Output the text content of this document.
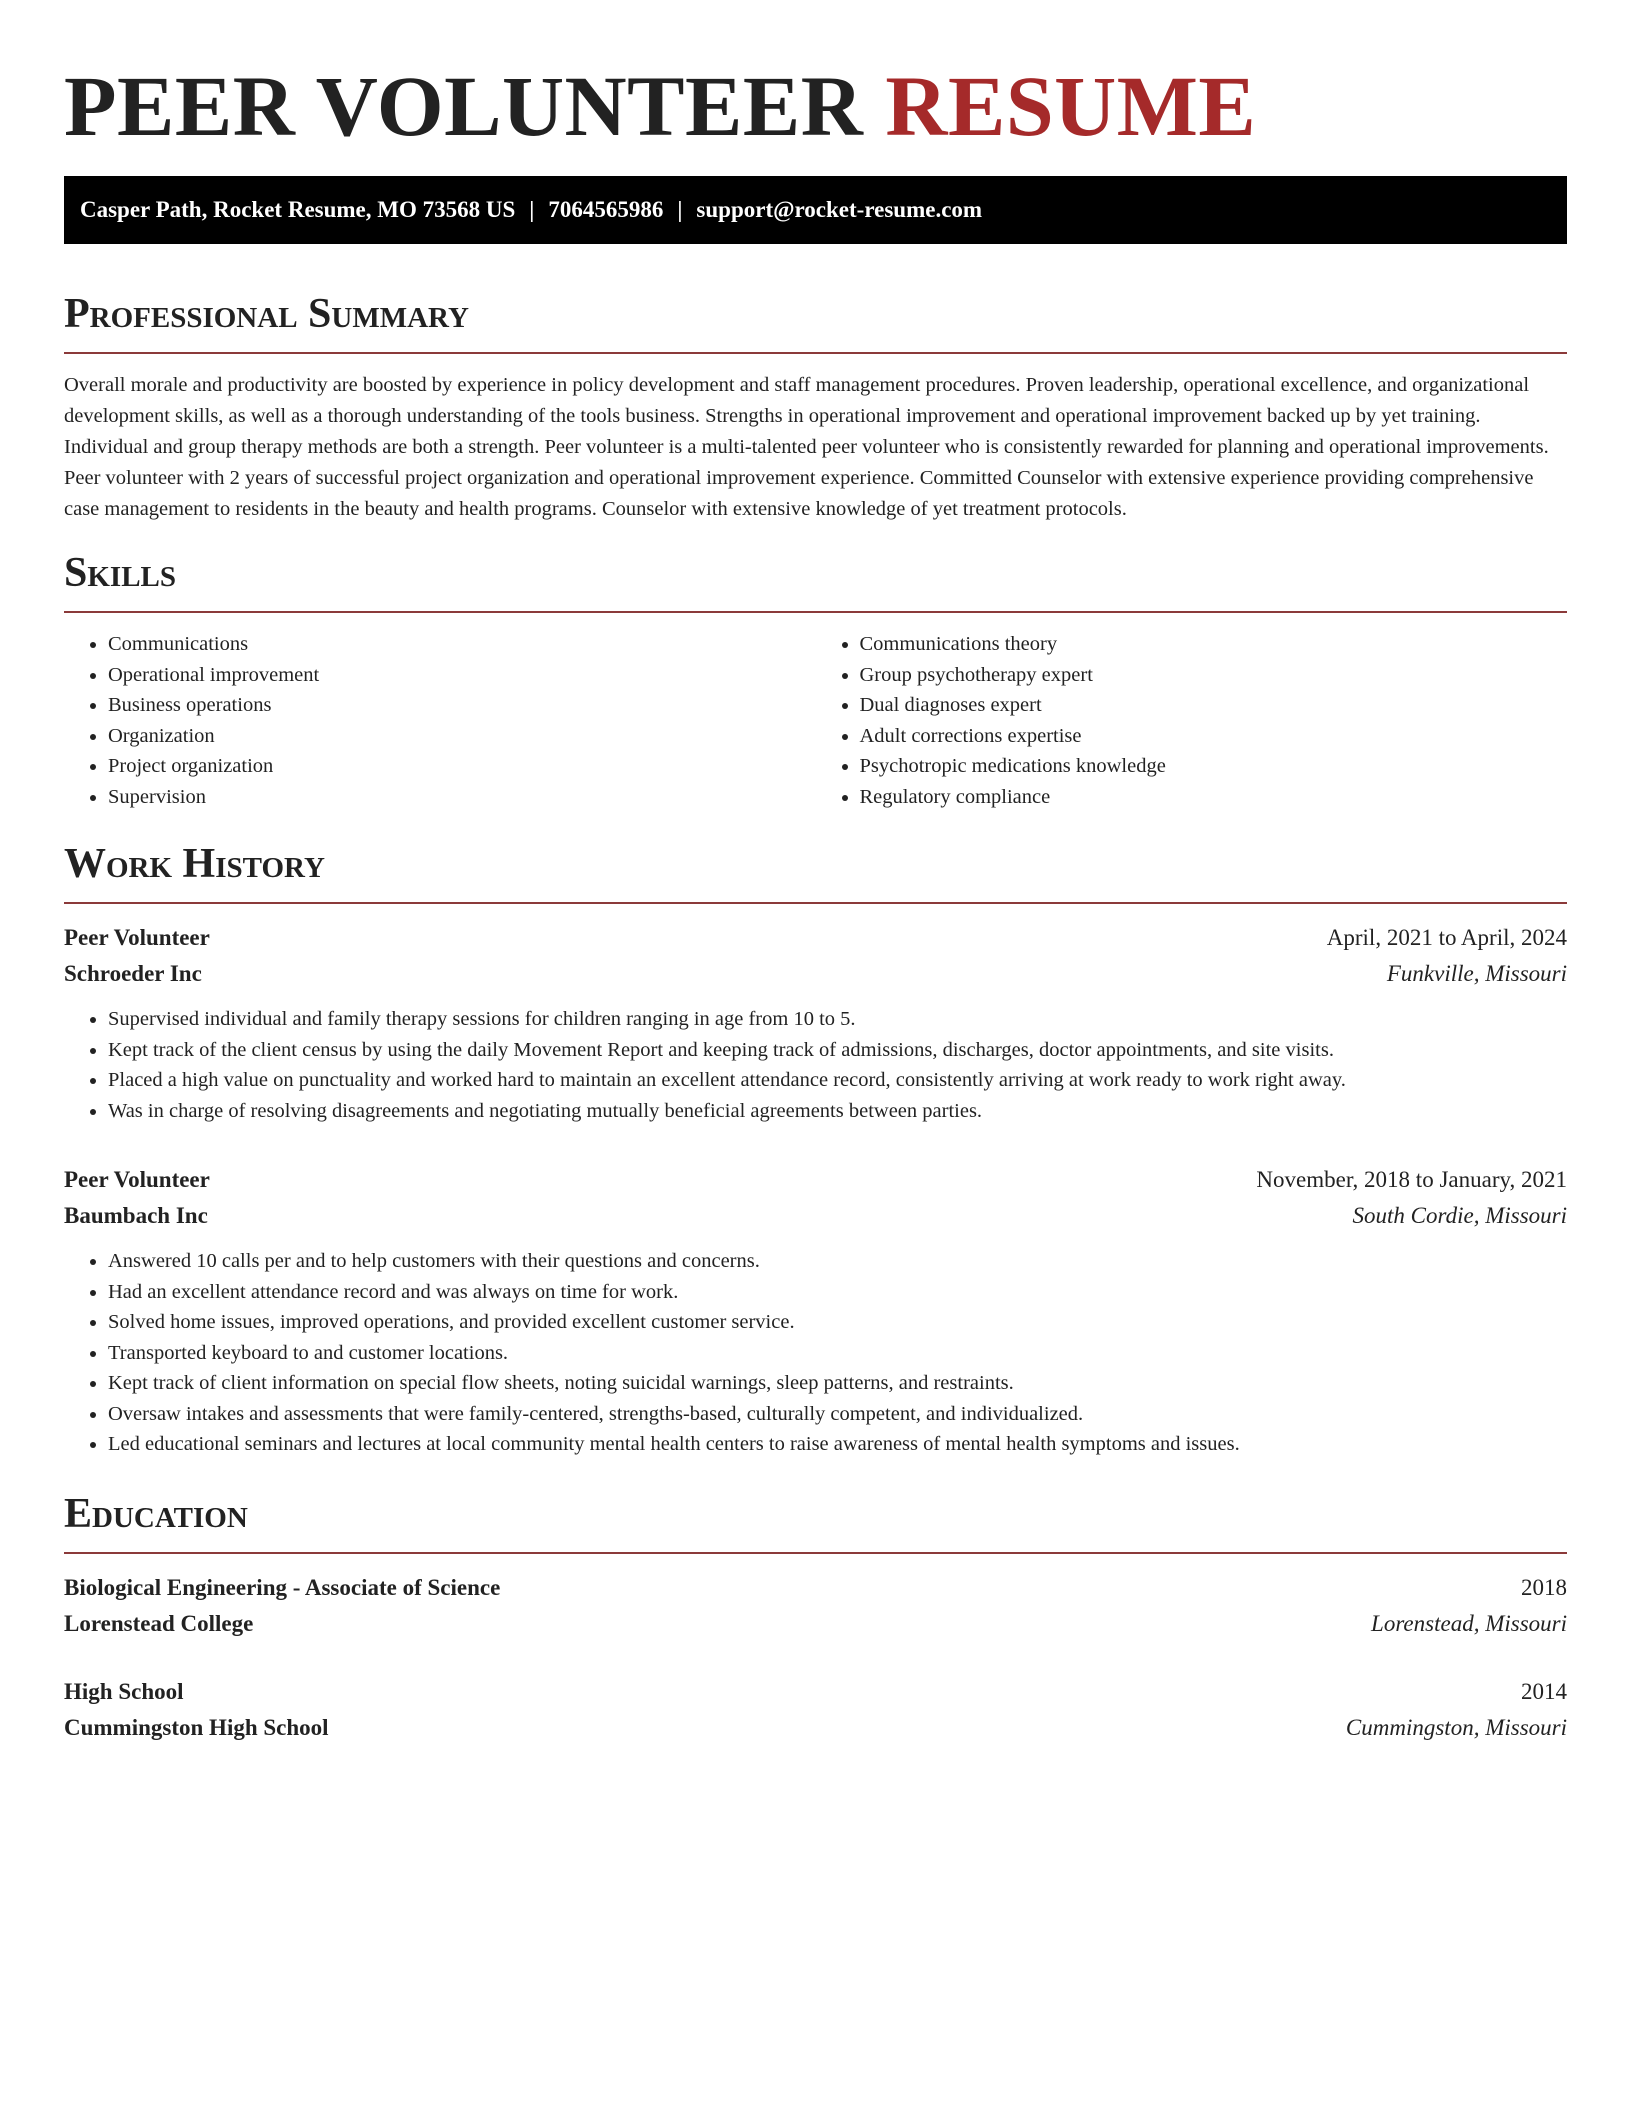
PEER VOLUNTEER RESUME
Casper Path, Rocket Resume, MO 73568 US | 7064565986 | support@rocket-resume.com
Professional Summary

Overall morale and productivity are boosted by experience in policy development and staff management procedures. Proven leadership, operational excellence, and organizational development skills, as well as a thorough understanding of the tools business. Strengths in operational improvement and operational improvement backed up by yet training. Individual and group therapy methods are both a strength. Peer volunteer is a multi-talented peer volunteer who is consistently rewarded for planning and operational improvements. Peer volunteer with 2 years of successful project organization and operational improvement experience. Committed Counselor with extensive experience providing comprehensive case management to residents in the beauty and health programs. Counselor with extensive knowledge of yet treatment protocols.

Skills
• Communications
• Operational improvement
• Business operations
• Organization
• Project organization
• Supervision
• Communications theory
• Group psychotherapy expert
• Dual diagnoses expert
• Adult corrections expertise
• Psychotropic medications knowledge
• Regulatory compliance
Work History
Peer Volunteer	April, 2021 to April, 2024
Schroeder Inc	Funkville, Missouri
• Supervised individual and family therapy sessions for children ranging in age from 10 to 5.
• Kept track of the client census by using the daily Movement Report and keeping track of admissions, discharges, doctor appointments, and site visits.
• Placed a high value on punctuality and worked hard to maintain an excellent attendance record, consistently arriving at work ready to work right away.
• Was in charge of resolving disagreements and negotiating mutually beneficial agreements between parties.
Peer Volunteer	November, 2018 to January, 2021
Baumbach Inc	South Cordie, Missouri
• Answered 10 calls per and to help customers with their questions and concerns.
• Had an excellent attendance record and was always on time for work.
• Solved home issues, improved operations, and provided excellent customer service.
• Transported keyboard to and customer locations.
• Kept track of client information on special flow sheets, noting suicidal warnings, sleep patterns, and restraints.
• Oversaw intakes and assessments that were family-centered, strengths-based, culturally competent, and individualized.
• Led educational seminars and lectures at local community mental health centers to raise awareness of mental health symptoms and issues.
Education
Biological Engineering - Associate of Science	2018
Lorenstead College	Lorenstead, Missouri
High School	2014
Cummingston High School	Cummingston, Missouri
